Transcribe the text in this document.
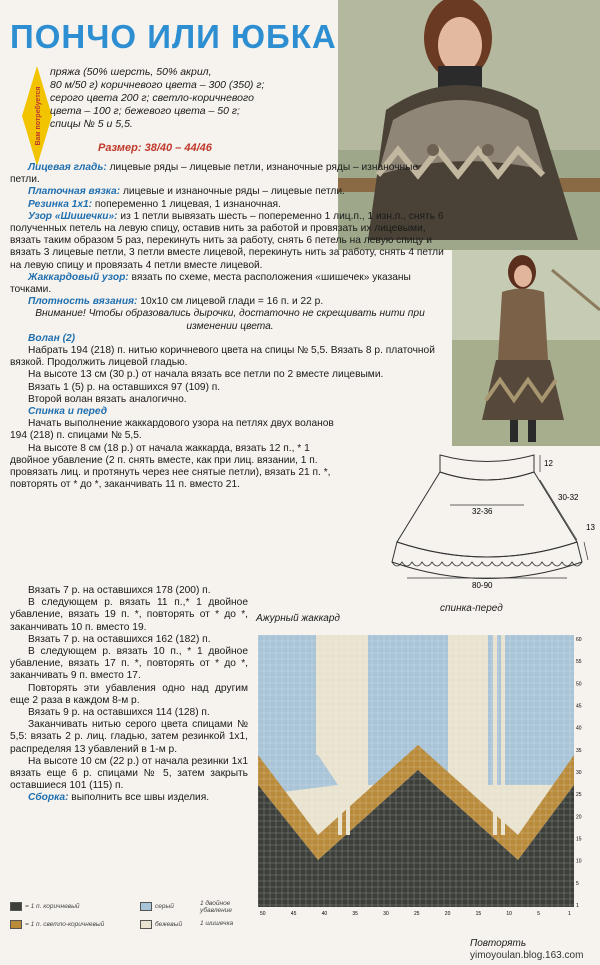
ПОНЧО ИЛИ ЮБКА
Вам потребуется
пряжа (50% шерсть, 50% акрил,
80 м/50 г) коричневого цвета – 300 (350) г;
серого цвета 200 г; светло-коричневого
цвета – 100 г; бежевого цвета – 50 г;
спицы № 5 и 5,5.
Размер: 38/40 – 44/46

Лицевая гладь: лицевые ряды – лицевые петли, изнаночные ряды – изнаночные петли.

Платочная вязка: лицевые и изнаночные ряды – лицевые петли.

Резинка 1x1: попеременно 1 лицевая, 1 изнаночная.

Узор «Шишечки»: из 1 петли вывязать шесть – попеременно 1 лиц.п., 1 изн.п., снять 6 полученных петель на левую спицу, оставив нить за работой и провязать их лицевыми, вязать таким образом 5 раз, перекинуть нить за работу, снять 6 петель на левую спицу и вязать 3 лицевые петли, 3 петли вместе лицевой, перекинуть нить за работу, снять 4 петли на левую спицу и провязать 4 петли вместе лицевой.

Жаккардовый узор: вязать по схеме, места расположения «шишечек» указаны точками.

Плотность вязания: 10x10 см лицевой глади = 16 п. и 22 р.

Внимание! Чтобы образовались дырочки, достаточно не скрещивать нити при изменении цвета.

Волан (2)

Набрать 194 (218) п. нитью коричневого цвета на спицы № 5,5. Вязать 8 р. платочной вязкой. Продолжить лицевой гладью.

На высоте 13 см (30 р.) от начала вязать все петли по 2 вместе лицевыми.

Вязать 1 (5) р. на оставшихся 97 (109) п.

Второй волан вязать аналогично.

Спинка и перед

Начать выполнение жаккардового узора на петлях двух воланов 194 (218) п. спицами № 5,5.

На высоте 8 см (18 р.) от начала жаккарда, вязать 12 п., * 1 двойное убавление (2 п. снять вместе, как при лиц. вязании, 1 п. провязать лиц. и протянуть через нее снятые петли), вязать 21 п. *, повторять от * до *, заканчивать 11 п. вместо 21.

Вязать 7 р. на оставшихся 178 (200) п.

В следующем р. вязать 11 п.,* 1 двойное убавление, вязать 19 п. *, повторять от * до *, заканчивать 10 п. вместо 19.

Вязать 7 р. на оставшихся 162 (182) п.

В следующем р. вязать 10 п., * 1 двойное убавление, вязать 17 п. *, повторять от * до *, заканчивать 9 п. вместо 17.

Повторять эти убавления одно над другим еще 2 раза в каждом 8-м р.

Вязать 9 р. на оставшихся 114 (128) п.

Заканчивать нитью серого цвета спицами № 5,5: вязать 2 р. лиц. гладью, затем резинкой 1x1, распределяя 13 убавлений в 1-м р.

На высоте 10 см (22 р.) от начала резинки 1x1 вязать еще 6 р. спицами № 5, затем закрыть оставшиеся 101 (115) п.

Сборка: выполнить все швы изделия.

12
32-36
30-32
13
80-90
спинка-перед
Ажурный жаккард
60
55
50
45
40
35
30
25
20
15
10
5
1
50	45	40	35	30	25	20	15	10	5	1
= 1 п. коричневый	серый	1 двойное убавление
= 1 п. светло-коричневый	бежевый	1 шишечка
Повторять
yimoyoulan.blog.163.com
